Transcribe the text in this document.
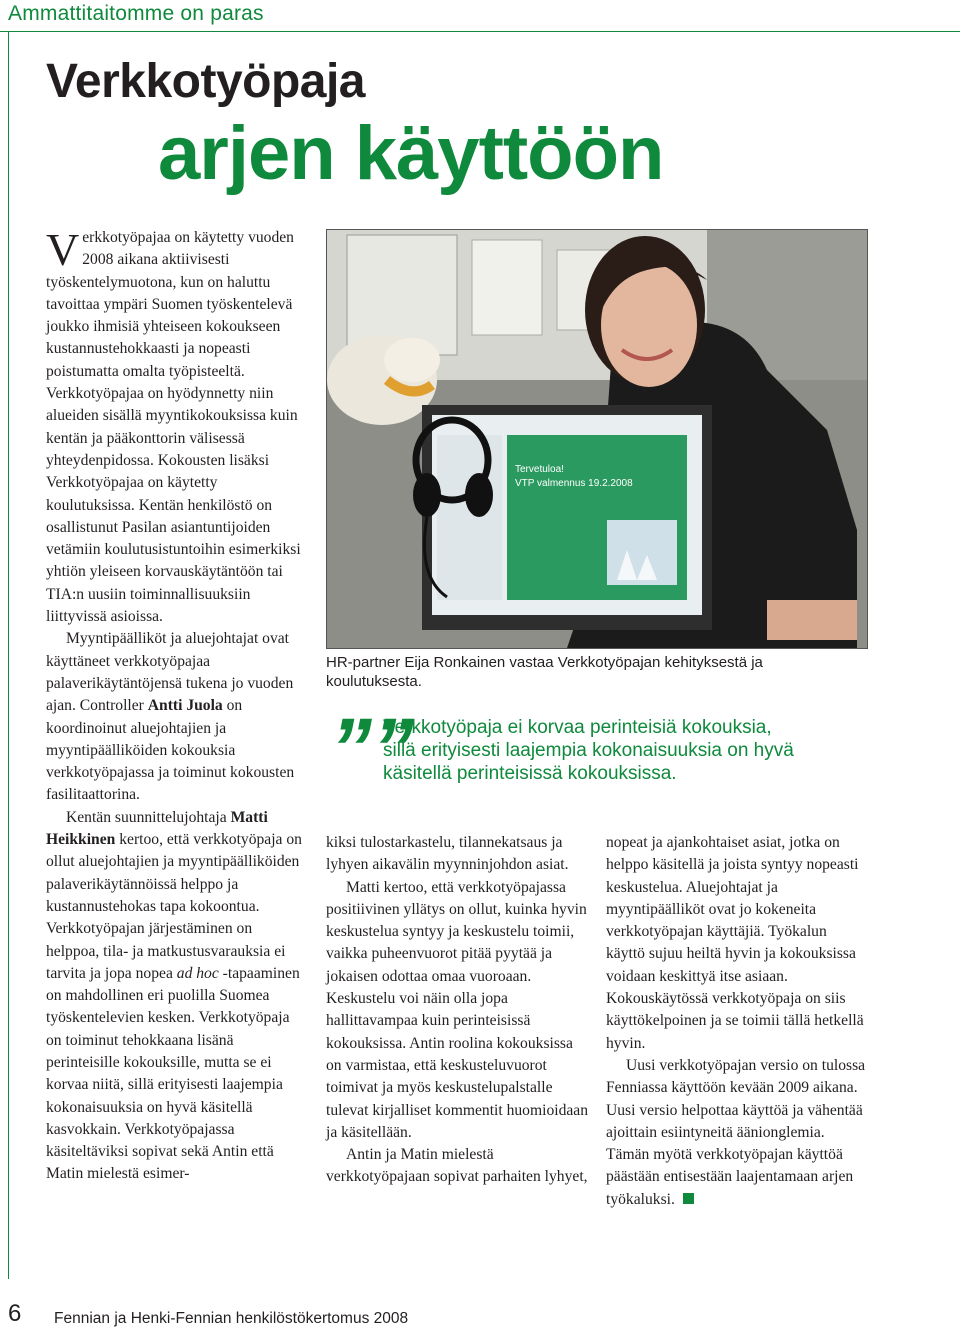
Ammattitaitomme on paras
Verkkotyöpaja
arjen käyttöön

Verkkotyöpajaa on käytetty vuoden 2008 aikana aktiivisesti työskentelymuotona, kun on haluttu tavoittaa ympäri Suomen työskentelevä joukko ihmisiä yhteiseen kokoukseen kustannustehokkaasti ja nopeasti poistumatta omalta työpisteeltä. Verkkotyöpajaa on hyödynnetty niin alueiden sisällä myyntikokouksissa kuin kentän ja pääkonttorin välisessä yhteydenpidossa. Kokousten lisäksi Verkkotyöpajaa on käytetty koulutuksissa. Kentän henkilöstö on osallistunut Pasilan asiantuntijoiden vetämiin koulutusistuntoihin esimerkiksi yhtiön yleiseen korvauskäytäntöön tai TIA:n uusiin toiminnallisuuksiin liittyvissä asioissa.

Myyntipäälliköt ja aluejohtajat ovat käyttäneet verkkotyöpajaa palaverikäytäntöjensä tukena jo vuoden ajan. Controller Antti Juola on koordinoinut aluejohtajien ja myyntipäälliköiden kokouksia verkkotyöpajassa ja toiminut kokousten fasilitaattorina.

Kentän suunnittelujohtaja Matti Heikkinen kertoo, että verkkotyöpaja on ollut aluejohtajien ja myyntipäälliköiden palaverikäytännöissä helppo ja kustannustehokas tapa kokoontua. Verkkotyöpajan järjestäminen on helppoa, tila- ja matkustusvarauksia ei tarvita ja jopa nopea ad hoc -tapaaminen on mahdollinen eri puolilla Suomea työskentelevien kesken. Verkkotyöpaja on toiminut tehokkaana lisänä perinteisille kokouksille, mutta se ei korvaa niitä, sillä erityisesti laajempia kokonaisuuksia on hyvä käsitellä kasvokkain. Verkkotyöpajassa käsiteltäviksi sopivat sekä Antin että Matin mielestä esimer-

Tervetuloa!
VTP valmennus 19.2.2008
HR-partner Eija Ronkainen vastaa Verkkotyöpajan kehityksestä ja koulutuksesta.
””
Verkkotyöpaja ei korvaa perinteisiä kokouksia, sillä erityisesti laajempia kokonaisuuksia on hyvä käsitellä perinteisissä kokouksissa.

kiksi tulostarkastelu, tilannekatsaus ja lyhyen aikavälin myynninjohdon asiat.

Matti kertoo, että verkkotyöpajassa positiivinen yllätys on ollut, kuinka hyvin keskustelua syntyy ja keskustelu toimii, vaikka puheenvuorot pitää pyytää ja jokaisen odottaa omaa vuoroaan. Keskustelu voi näin olla jopa hallittavampaa kuin perinteisissä kokouksissa. Antin roolina kokouksissa on varmistaa, että keskusteluvuorot toimivat ja myös keskustelupalstalle tulevat kirjalliset kommentit huomioidaan ja käsitellään.

Antin ja Matin mielestä verkkotyöpajaan sopivat parhaiten lyhyet,

nopeat ja ajankohtaiset asiat, jotka on helppo käsitellä ja joista syntyy nopeasti keskustelua. Aluejohtajat ja myyntipäälliköt ovat jo kokeneita verkkotyöpajan käyttäjiä. Työkalun käyttö sujuu heiltä hyvin ja kokouksissa voidaan keskittyä itse asiaan. Kokouskäytössä verkkotyöpaja on siis käyttökelpoinen ja se toimii tällä hetkellä hyvin.

Uusi verkkotyöpajan versio on tulossa Fenniassa käyttöön kevään 2009 aikana. Uusi versio helpottaa käyttöä ja vähentää ajoittain esiintyneitä äänionglemia. Tämän myötä verkkotyöpajan käyttöä päästään entisestään laajentamaan arjen työkaluksi.

6 Fennian ja Henki-Fennian henkilöstökertomus 2008
